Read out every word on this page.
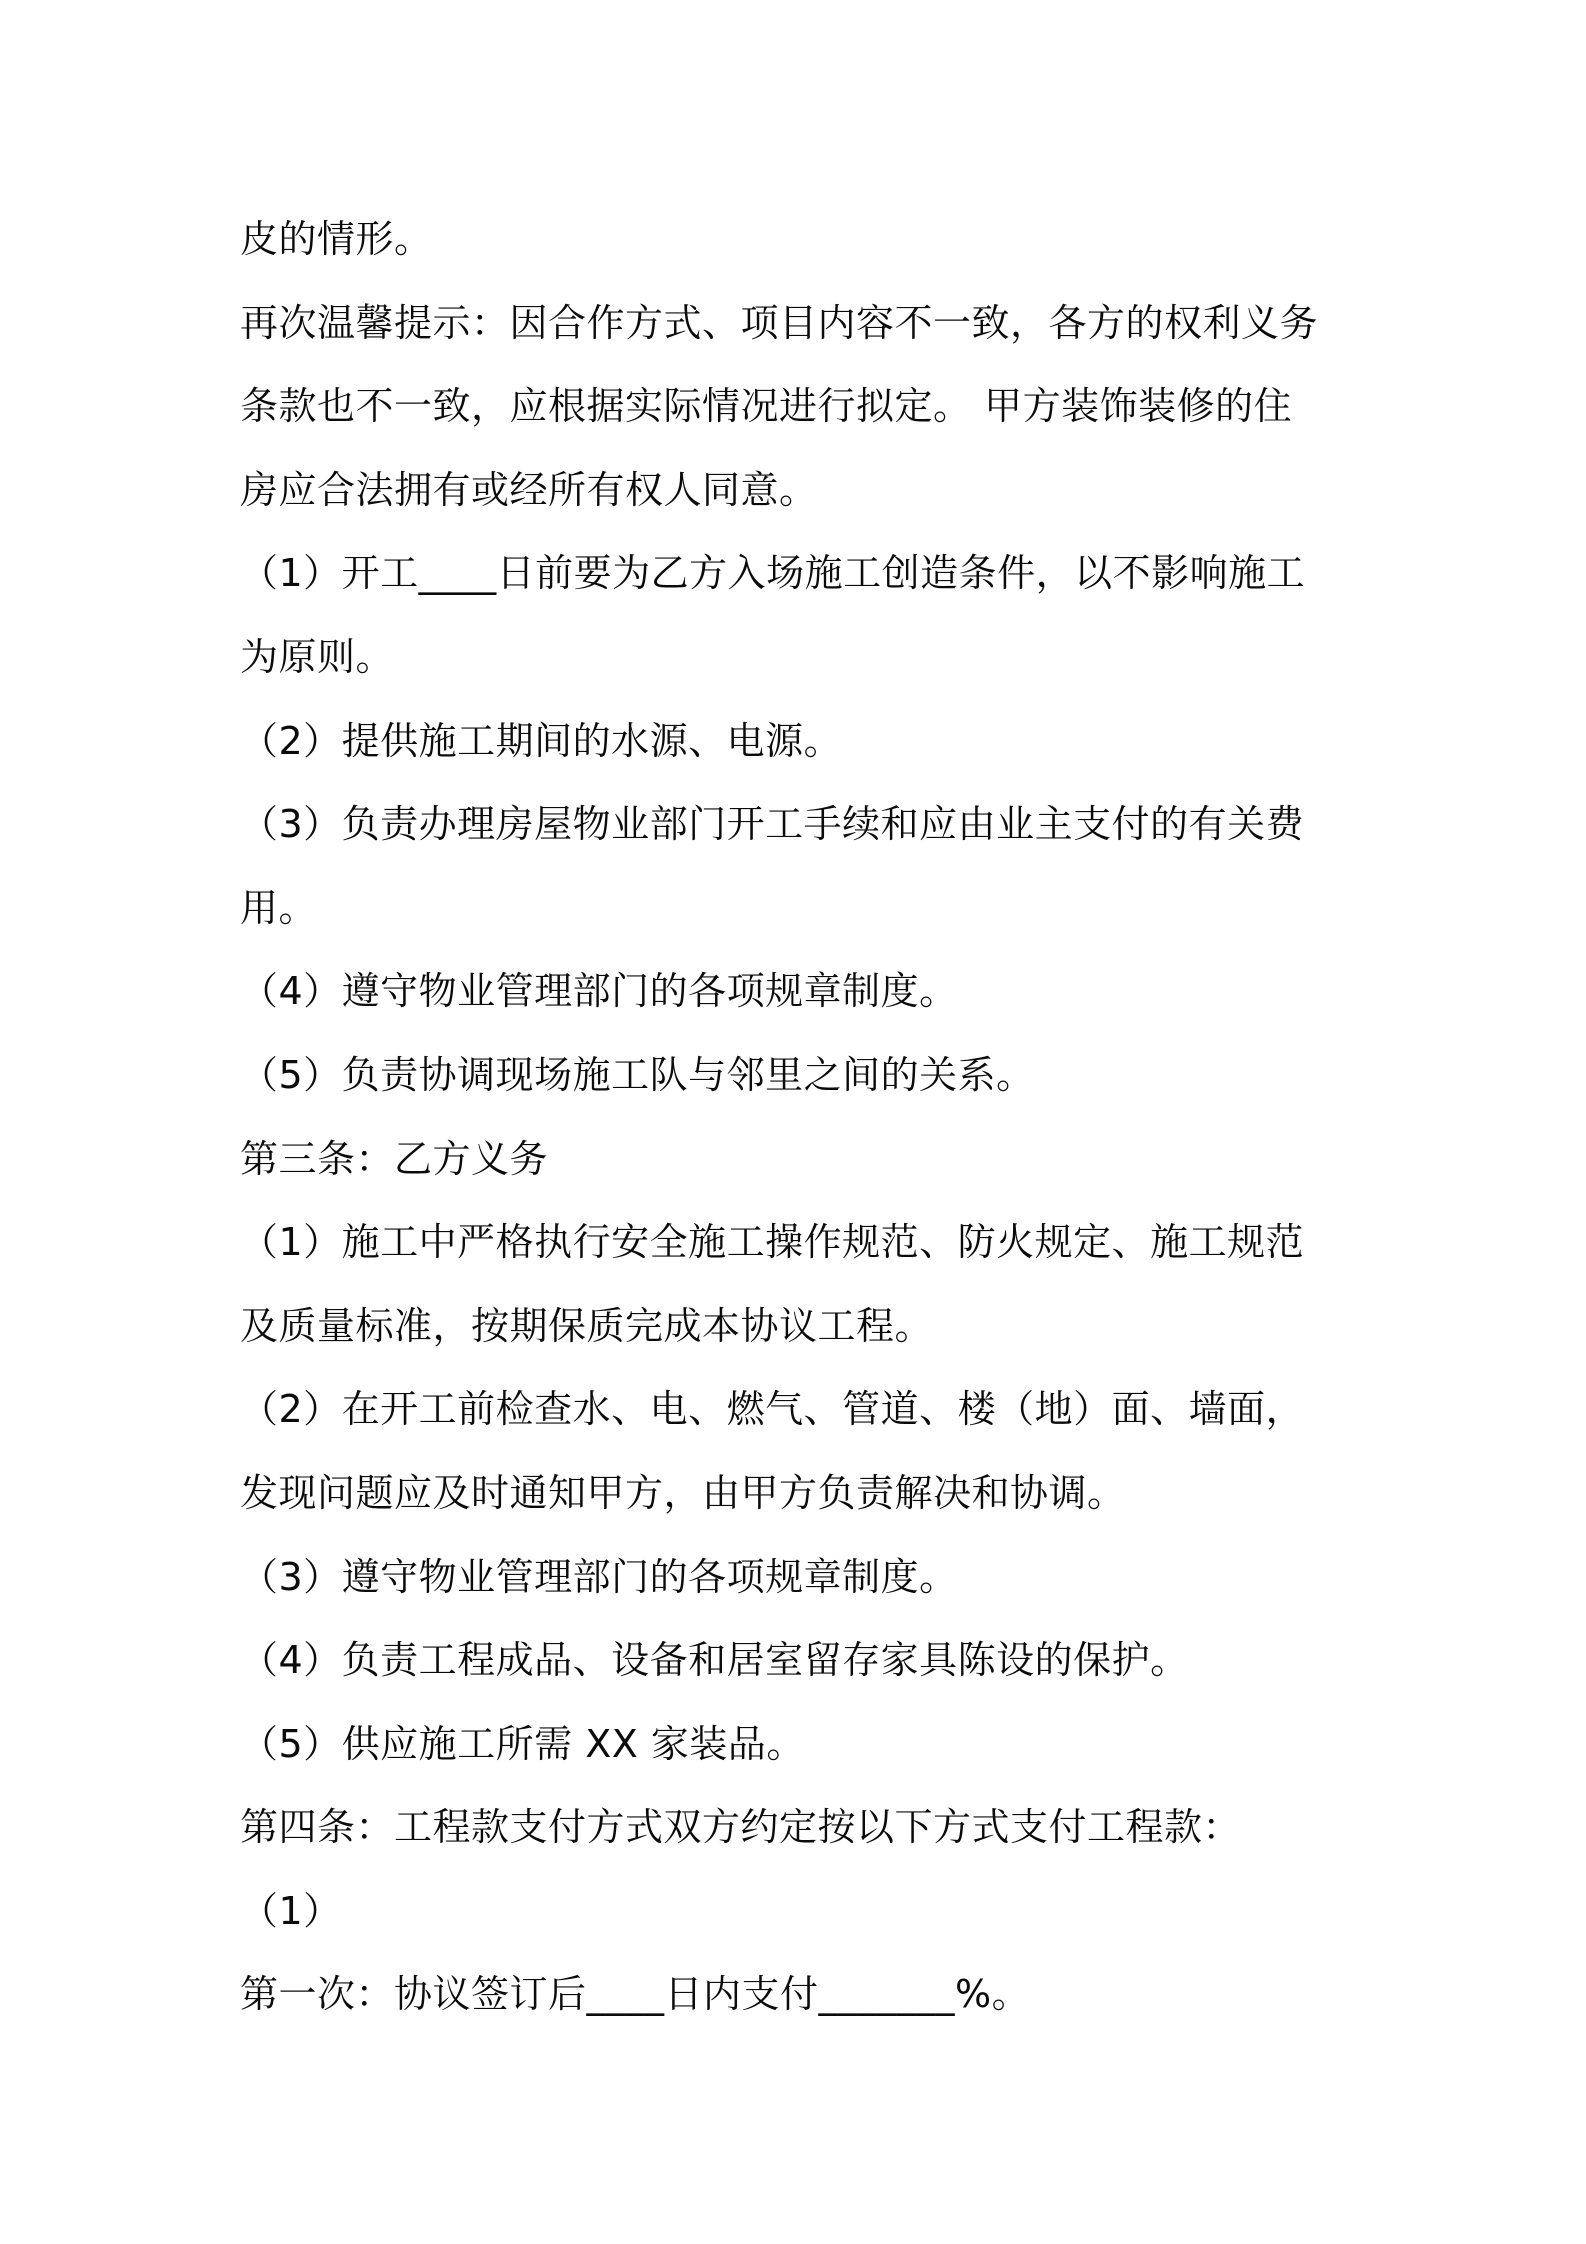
皮的情形。
再次温馨提示：因合作方式、项目内容不一致，各方的权利义务
条款也不一致，应根据实际情况进行拟定。 甲方装饰装修的住
房应合法拥有或经所有权人同意。
（1）开工____日前要为乙方入场施工创造条件，以不影响施工
为原则。
（2）提供施工期间的水源、电源。
（3）负责办理房屋物业部门开工手续和应由业主支付的有关费
用。
（4）遵守物业管理部门的各项规章制度。
（5）负责协调现场施工队与邻里之间的关系。
第三条：乙方义务
（1）施工中严格执行安全施工操作规范、防火规定、施工规范
及质量标准，按期保质完成本协议工程。
（2）在开工前检查水、电、燃气、管道、楼（地）面、墙面，
发现问题应及时通知甲方，由甲方负责解决和协调。
（3）遵守物业管理部门的各项规章制度。
（4）负责工程成品、设备和居室留存家具陈设的保护。
（5）供应施工所需 XX 家装品。
第四条：工程款支付方式双方约定按以下方式支付工程款：
（1）
第一次：协议签订后____日内支付_______%。
